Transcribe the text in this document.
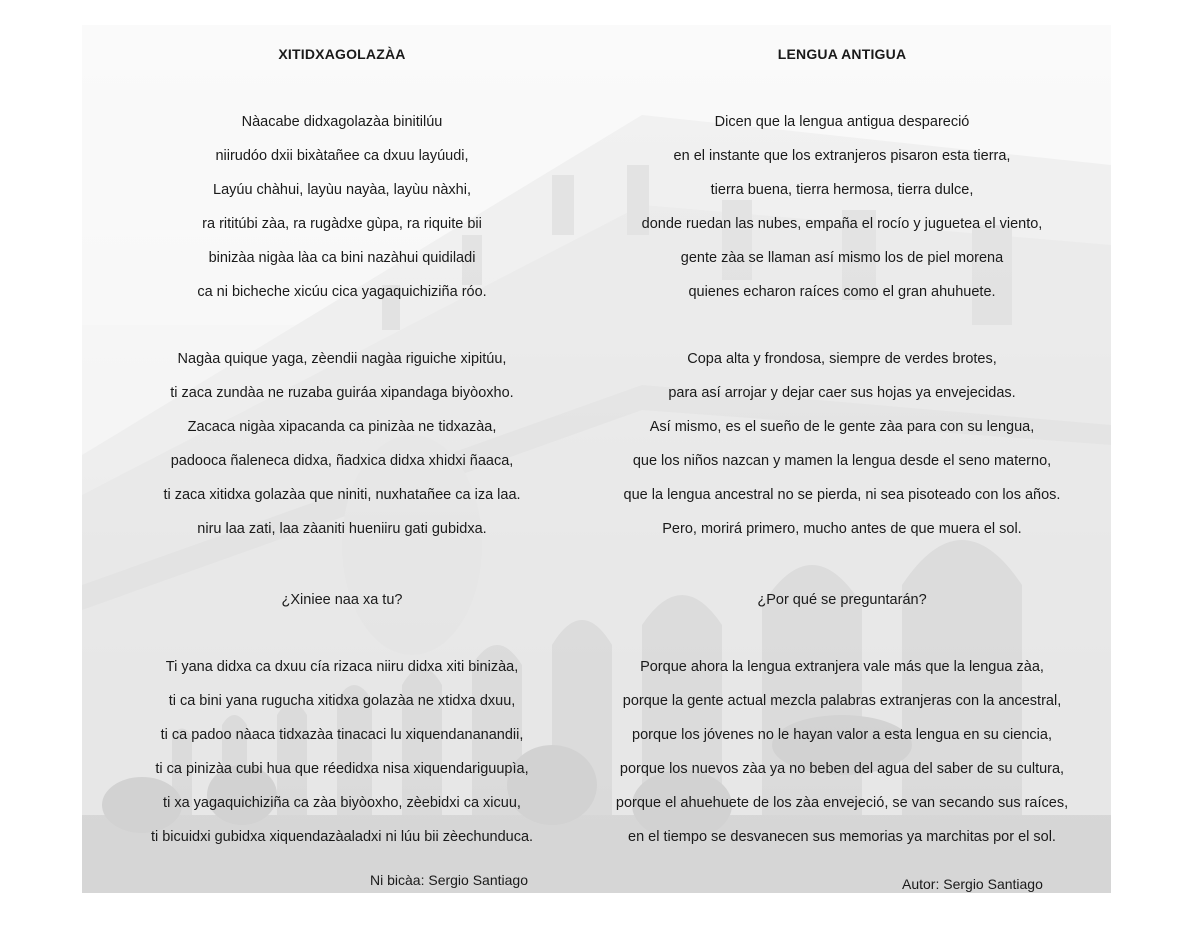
XITIDXAGOLAZÀA
Nàacabe didxagolazàa binitilúu
niirudóo dxii bixàtañee ca dxuu layúudi,
Layúu chàhui, layùu nayàa, layùu nàxhi,
ra rititúbi zàa, ra rugàdxe gùpa, ra riquite bii
binizàa nigàa làa ca bini nazàhui quidiladi
ca ni bicheche xicúu cica yagaquichiziña róo.
Nagàa quique yaga, zèendii nagàa riguiche xipitúu,
ti zaca zundàa ne ruzaba guiráa xipandaga biyòoxho.
Zacaca nigàa xipacanda ca pinizàa ne tidxazàa,
padooca ñaleneca didxa, ñadxica didxa xhidxi ñaaca,
ti zaca xitidxa golazàa que niniti, nuxhatañee ca iza laa.
niru laa zati, laa zàaniti hueniiru gati gubidxa.
¿Xiniee naa xa tu?
Ti yana didxa ca dxuu cía rizaca niiru didxa xiti binizàa,
ti ca bini yana rugucha xitidxa golazàa ne xtidxa dxuu,
ti ca padoo nàaca tidxazàa tinacaci lu xiquendananandii,
ti ca pinizàa cubi hua que réedidxa nisa xiquendariguupìa,
ti xa yagaquichiziña ca zàa biyòoxho, zèebidxi ca xicuu,
ti bicuidxi gubidxa xiquendazàaladxi ni lúu bii zèechunduca.
Ni bicàa: Sergio Santiago
LENGUA ANTIGUA
Dicen que la lengua antigua despareció
en el instante que los extranjeros pisaron esta tierra,
tierra buena, tierra hermosa, tierra dulce,
donde ruedan las nubes, empaña el rocío y juguetea el viento,
gente zàa se llaman así mismo los de piel morena
quienes echaron raíces como el gran ahuhuete.
Copa alta y frondosa, siempre de verdes brotes,
para así arrojar y dejar caer sus hojas ya envejecidas.
Así mismo, es el sueño de le gente zàa para con su lengua,
que los niños nazcan y mamen la lengua desde el seno materno,
que la lengua ancestral no se pierda, ni sea pisoteado con los años.
Pero, morirá primero, mucho antes de que muera el sol.
¿Por qué se preguntarán?
Porque ahora la lengua extranjera vale más que la lengua zàa,
porque la gente actual mezcla palabras extranjeras con la ancestral,
porque los jóvenes no le hayan valor a esta lengua en su ciencia,
porque los nuevos zàa ya no beben del agua del saber de su cultura,
porque el ahuehuete de los zàa envejeció, se van secando sus raíces,
en el tiempo se desvanecen sus memorias ya marchitas por el sol.
Autor: Sergio Santiago
